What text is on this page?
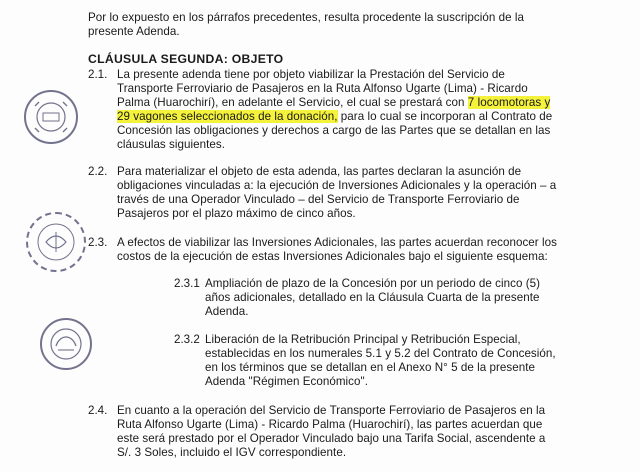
Por lo expuesto en los párrafos precedentes, resulta procedente la suscripción de la
presente Adenda.
CLÁUSULA SEGUNDA: OBJETO
2.1. La presente adenda tiene por objeto viabilizar la Prestación del Servicio de
Transporte Ferroviario de Pasajeros en la Ruta Alfonso Ugarte (Lima) - Ricardo
Palma (Huarochirí), en adelante el Servicio, el cual se prestará con 7 locomotoras y
29 vagones seleccionados de la donación, para lo cual se incorporan al Contrato de
Concesión las obligaciones y derechos a cargo de las Partes que se detallan en las
cláusulas siguientes.
2.2. Para materializar el objeto de esta adenda, las partes declaran la asunción de
obligaciones vinculadas a: la ejecución de Inversiones Adicionales y la operación – a
través de una Operador Vinculado – del Servicio de Transporte Ferroviario de
Pasajeros por el plazo máximo de cinco años.
2.3. A efectos de viabilizar las Inversiones Adicionales, las partes acuerdan reconocer los
costos de la ejecución de estas Inversiones Adicionales bajo el siguiente esquema:
2.3.1 Ampliación de plazo de la Concesión por un periodo de cinco (5)
años adicionales, detallado en la Cláusula Cuarta de la presente
Adenda.
2.3.2 Liberación de la Retribución Principal y Retribución Especial,
establecidas en los numerales 5.1 y 5.2 del Contrato de Concesión,
en los términos que se detallan en el Anexo N° 5 de la presente
Adenda "Régimen Económico".
2.4. En cuanto a la operación del Servicio de Transporte Ferroviario de Pasajeros en la
Ruta Alfonso Ugarte (Lima) - Ricardo Palma (Huarochirí), las partes acuerdan que
este será prestado por el Operador Vinculado bajo una Tarifa Social, ascendente a
S/. 3 Soles, incluido el IGV correspondiente.
